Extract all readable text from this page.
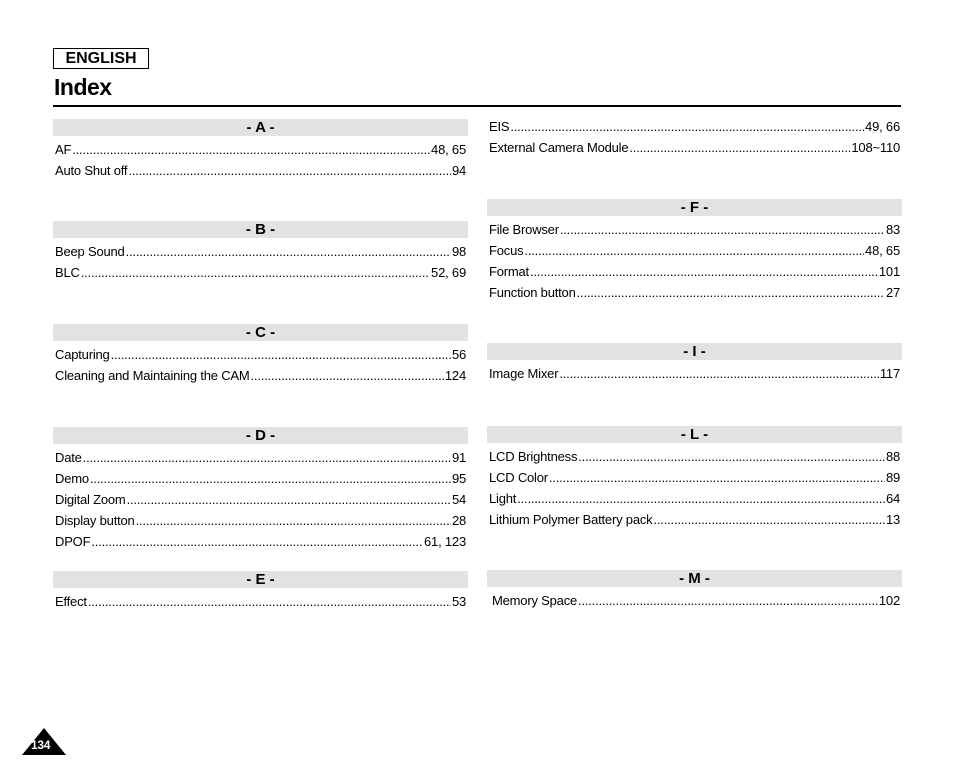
ENGLISH
Index
- A -
AF .....	48, 65
Auto Shut off .....	94
- B -
Beep Sound .....	98
BLC .....	52, 69
- C -
Capturing .....	56
Cleaning and Maintaining the CAM .....	124
- D -
Date .....	91
Demo .....	95
Digital Zoom .....	54
Display button .....	28
DPOF .....	61, 123
- E -
Effect .....	53
EIS .....	49, 66
External Camera Module .....	108~110
- F -
File Browser .....	83
Focus .....	48, 65
Format .....	101
Function button .....	27
- I -
Image Mixer .....	117
- L -
LCD Brightness .....	88
LCD Color .....	89
Light .....	64
Lithium Polymer Battery pack .....	13
- M -
Memory Space .....	102
134
